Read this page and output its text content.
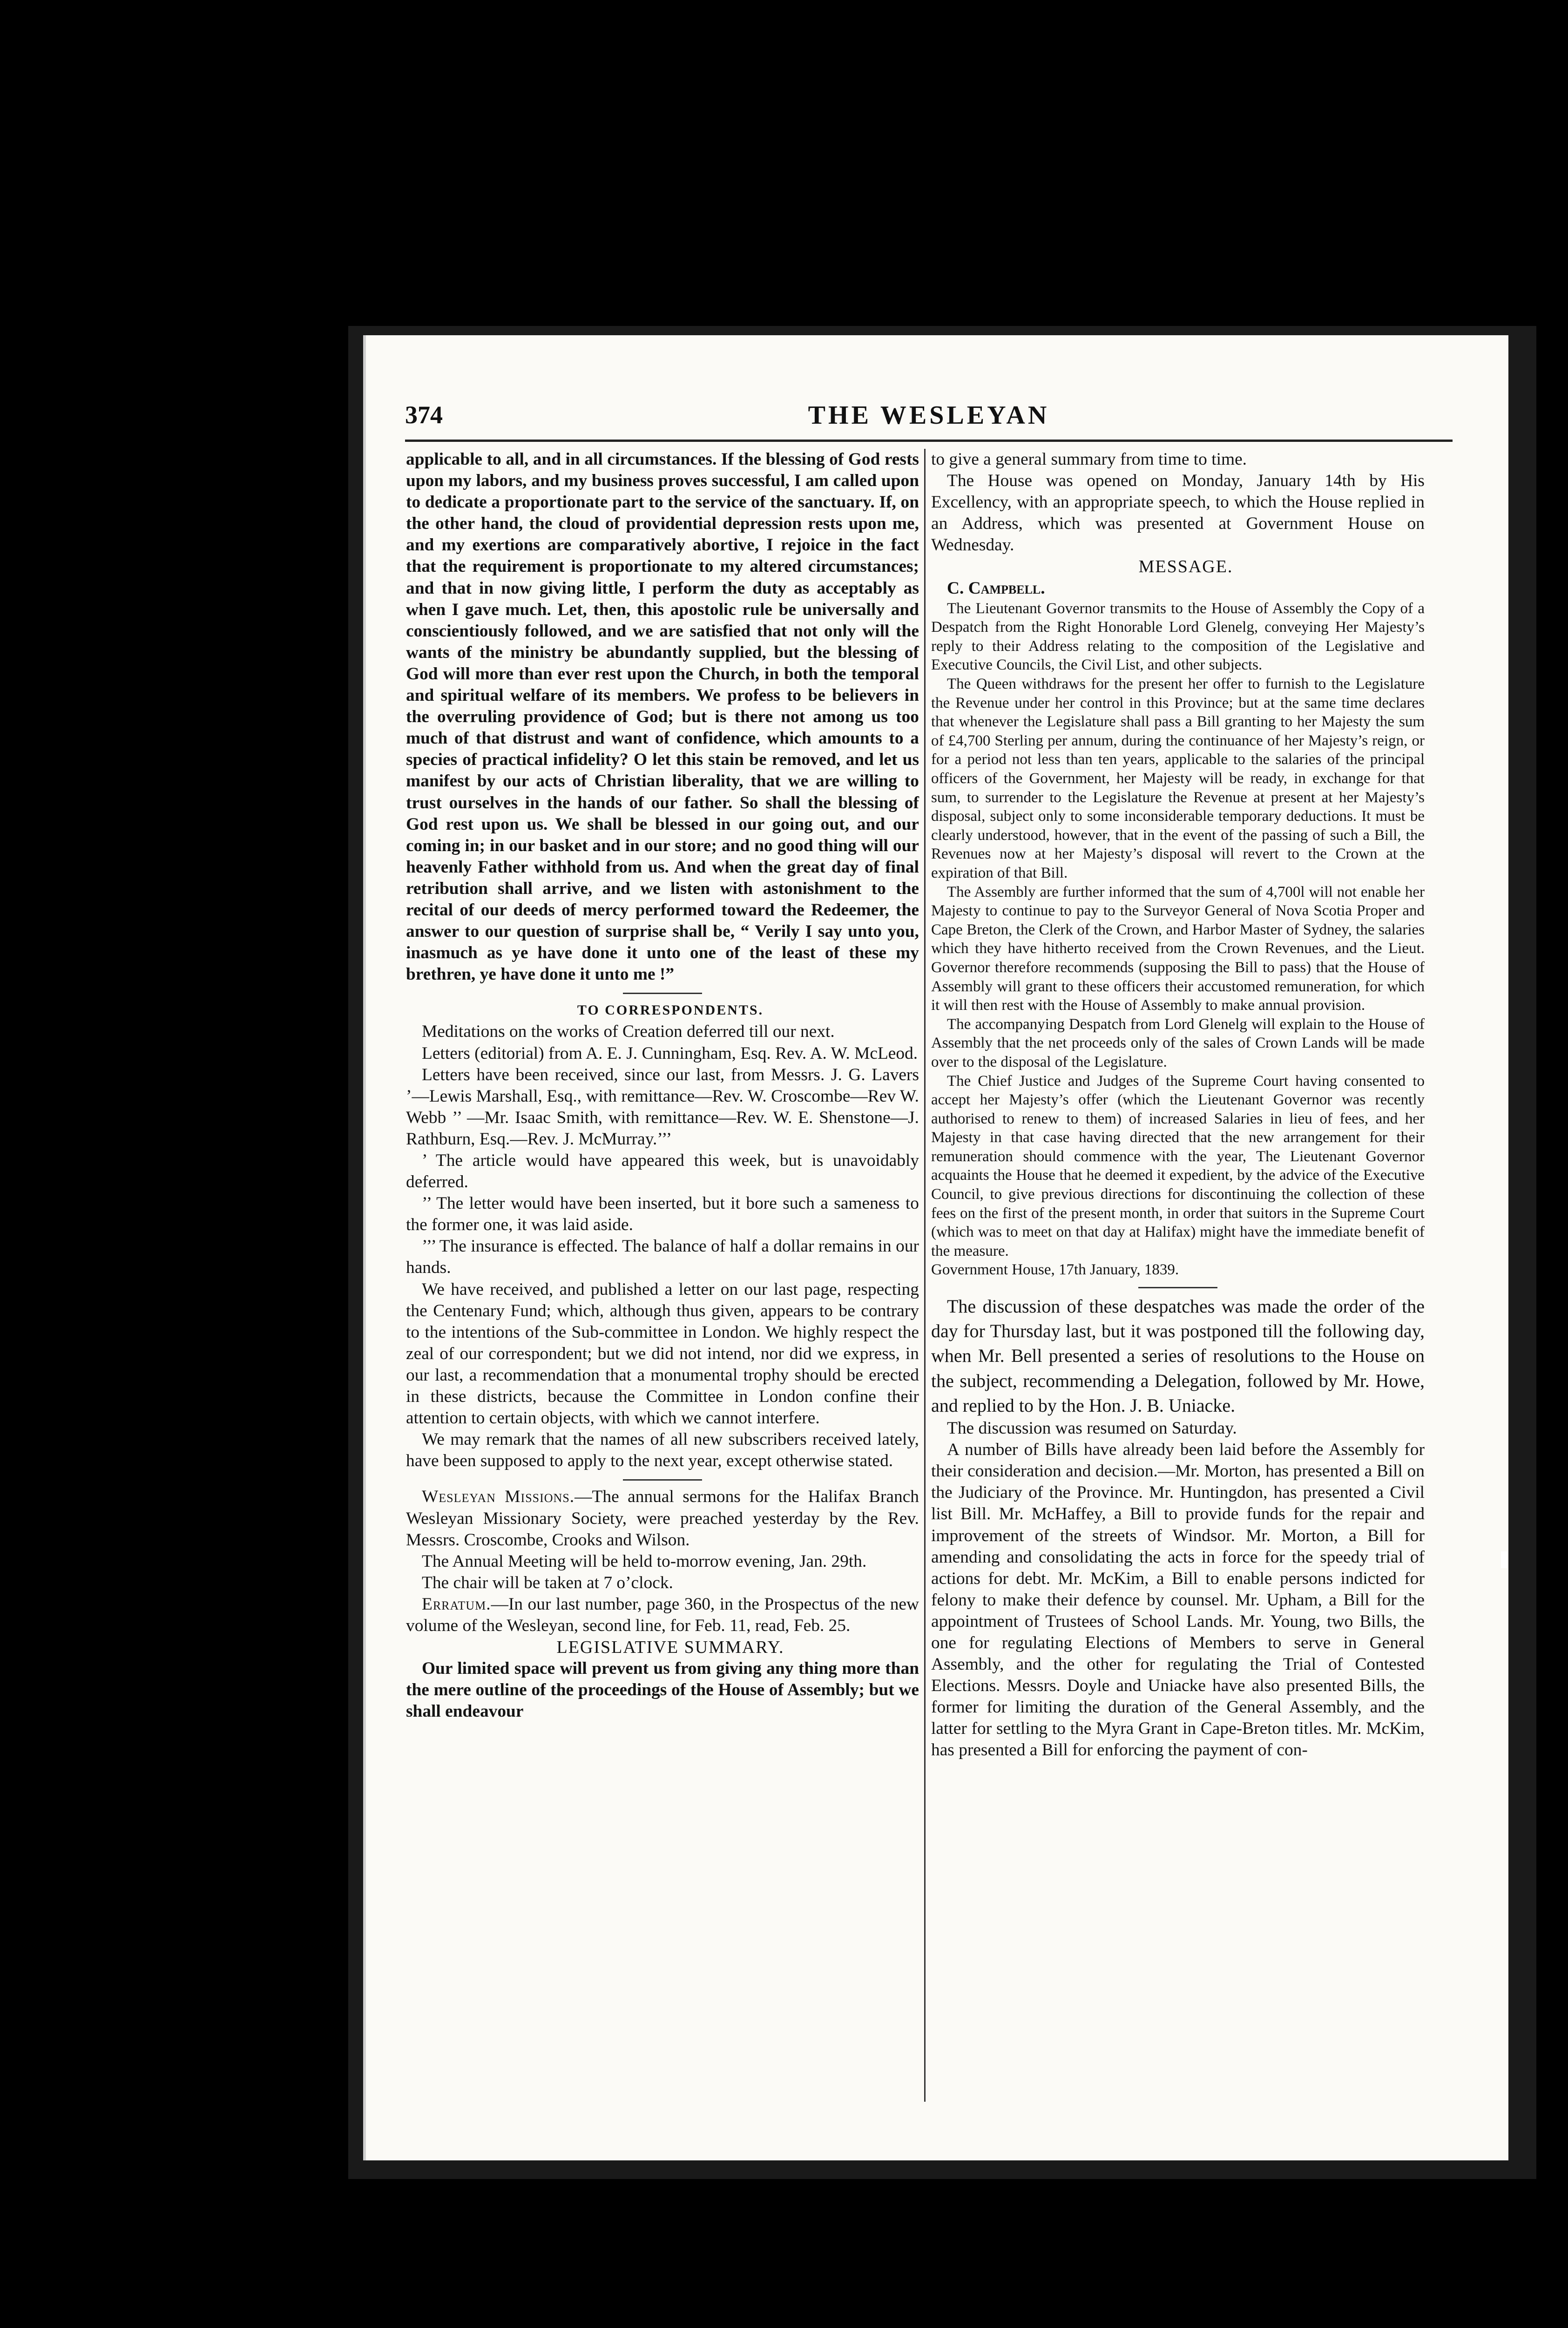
374	THE WESLEYAN

applicable to all, and in all circumstances. If the blessing of God rests upon my labors, and my business proves successful, I am called upon to dedicate a proportionate part to the service of the sanctuary. If, on the other hand, the cloud of providential depression rests upon me, and my exertions are comparatively abortive, I rejoice in the fact that the requirement is proportionate to my altered circumstances; and that in now giving little, I perform the duty as acceptably as when I gave much. Let, then, this apostolic rule be universally and conscientiously followed, and we are satisfied that not only will the wants of the ministry be abundantly supplied, but the blessing of God will more than ever rest upon the Church, in both the temporal and spiritual welfare of its members. We profess to be believers in the overruling providence of God; but is there not among us too much of that distrust and want of confidence, which amounts to a species of practical infidelity? O let this stain be removed, and let us manifest by our acts of Christian liberality, that we are willing to trust ourselves in the hands of our father. So shall the blessing of God rest upon us. We shall be blessed in our going out, and our coming in; in our basket and in our store; and no good thing will our heavenly Father withhold from us. And when the great day of final retribution shall arrive, and we listen with astonishment to the recital of our deeds of mercy performed toward the Redeemer, the answer to our question of surprise shall be, “ Verily I say unto you, inasmuch as ye have done it unto one of the least of these my brethren, ye have done it unto me !”

TO CORRESPONDENTS.

Meditations on the works of Creation deferred till our next.

Letters (editorial) from A. E. J. Cunningham, Esq. Rev. A. W. McLeod.

Letters have been received, since our last, from Messrs. J. G. Lavers ’—Lewis Marshall, Esq., with remittance—Rev. W. Croscombe—Rev W. Webb ’’ —Mr. Isaac Smith, with remittance—Rev. W. E. Shenstone—J. Rathburn, Esq.—Rev. J. McMurray.’’’

’ The article would have appeared this week, but is unavoidably deferred.

’’ The letter would have been inserted, but it bore such a sameness to the former one, it was laid aside.

’’’ The insurance is effected. The balance of half a dollar remains in our hands.

We have received, and published a letter on our last page, respecting the Centenary Fund; which, although thus given, appears to be contrary to the intentions of the Sub-committee in London. We highly respect the zeal of our correspondent; but we did not intend, nor did we express, in our last, a recommendation that a monumental trophy should be erected in these districts, because the Committee in London confine their attention to certain objects, with which we cannot interfere.

We may remark that the names of all new subscribers received lately, have been supposed to apply to the next year, except otherwise stated.

Wesleyan Missions.—The annual sermons for the Halifax Branch Wesleyan Missionary Society, were preached yesterday by the Rev. Messrs. Croscombe, Crooks and Wilson.

The Annual Meeting will be held to-morrow evening, Jan. 29th.

The chair will be taken at 7 o’clock.

Erratum.—In our last number, page 360, in the Prospectus of the new volume of the Wesleyan, second line, for Feb. 11, read, Feb. 25.

LEGISLATIVE SUMMARY.

Our limited space will prevent us from giving any thing more than the mere outline of the proceedings of the House of Assembly; but we shall endeavour

to give a general summary from time to time.

The House was opened on Monday, January 14th by His Excellency, with an appropriate speech, to which the House replied in an Address, which was presented at Government House on Wednesday.

MESSAGE.

C. Campbell.

The Lieutenant Governor transmits to the House of Assembly the Copy of a Despatch from the Right Honorable Lord Glenelg, conveying Her Majesty’s reply to their Address relating to the composition of the Legislative and Executive Councils, the Civil List, and other subjects.

The Queen withdraws for the present her offer to furnish to the Legislature the Revenue under her control in this Province; but at the same time declares that whenever the Legislature shall pass a Bill granting to her Majesty the sum of £4,700 Sterling per annum, during the continuance of her Majesty’s reign, or for a period not less than ten years, applicable to the salaries of the principal officers of the Government, her Majesty will be ready, in exchange for that sum, to surrender to the Legislature the Revenue at present at her Majesty’s disposal, subject only to some inconsiderable temporary deductions. It must be clearly understood, however, that in the event of the passing of such a Bill, the Revenues now at her Majesty’s disposal will revert to the Crown at the expiration of that Bill.

The Assembly are further informed that the sum of 4,700l will not enable her Majesty to continue to pay to the Surveyor General of Nova Scotia Proper and Cape Breton, the Clerk of the Crown, and Harbor Master of Sydney, the salaries which they have hitherto received from the Crown Revenues, and the Lieut. Governor therefore recommends (supposing the Bill to pass) that the House of Assembly will grant to these officers their accustomed remuneration, for which it will then rest with the House of Assembly to make annual provision.

The accompanying Despatch from Lord Glenelg will explain to the House of Assembly that the net proceeds only of the sales of Crown Lands will be made over to the disposal of the Legislature.

The Chief Justice and Judges of the Supreme Court having consented to accept her Majesty’s offer (which the Lieutenant Governor was recently authorised to renew to them) of increased Salaries in lieu of fees, and her Majesty in that case having directed that the new arrangement for their remuneration should commence with the year, The Lieutenant Governor acquaints the House that he deemed it expedient, by the advice of the Executive Council, to give previous directions for discontinuing the collection of these fees on the first of the present month, in order that suitors in the Supreme Court (which was to meet on that day at Halifax) might have the immediate benefit of the measure.

Government House, 17th January, 1839.

The discussion of these despatches was made the order of the day for Thursday last, but it was postponed till the following day, when Mr. Bell presented a series of resolutions to the House on the subject, recommending a Delegation, followed by Mr. Howe, and replied to by the Hon. J. B. Uniacke.

The discussion was resumed on Saturday.

A number of Bills have already been laid before the Assembly for their consideration and decision.—Mr. Morton, has presented a Bill on the Judiciary of the Province. Mr. Huntingdon, has presented a Civil list Bill. Mr. McHaffey, a Bill to provide funds for the repair and improvement of the streets of Windsor. Mr. Morton, a Bill for amending and consolidating the acts in force for the speedy trial of actions for debt. Mr. McKim, a Bill to enable persons indicted for felony to make their defence by counsel. Mr. Upham, a Bill for the appointment of Trustees of School Lands. Mr. Young, two Bills, the one for regulating Elections of Members to serve in General Assembly, and the other for regulating the Trial of Contested Elections. Messrs. Doyle and Uniacke have also presented Bills, the former for limiting the duration of the General Assembly, and the latter for settling to the Myra Grant in Cape-Breton titles. Mr. McKim, has presented a Bill for enforcing the payment of con-
